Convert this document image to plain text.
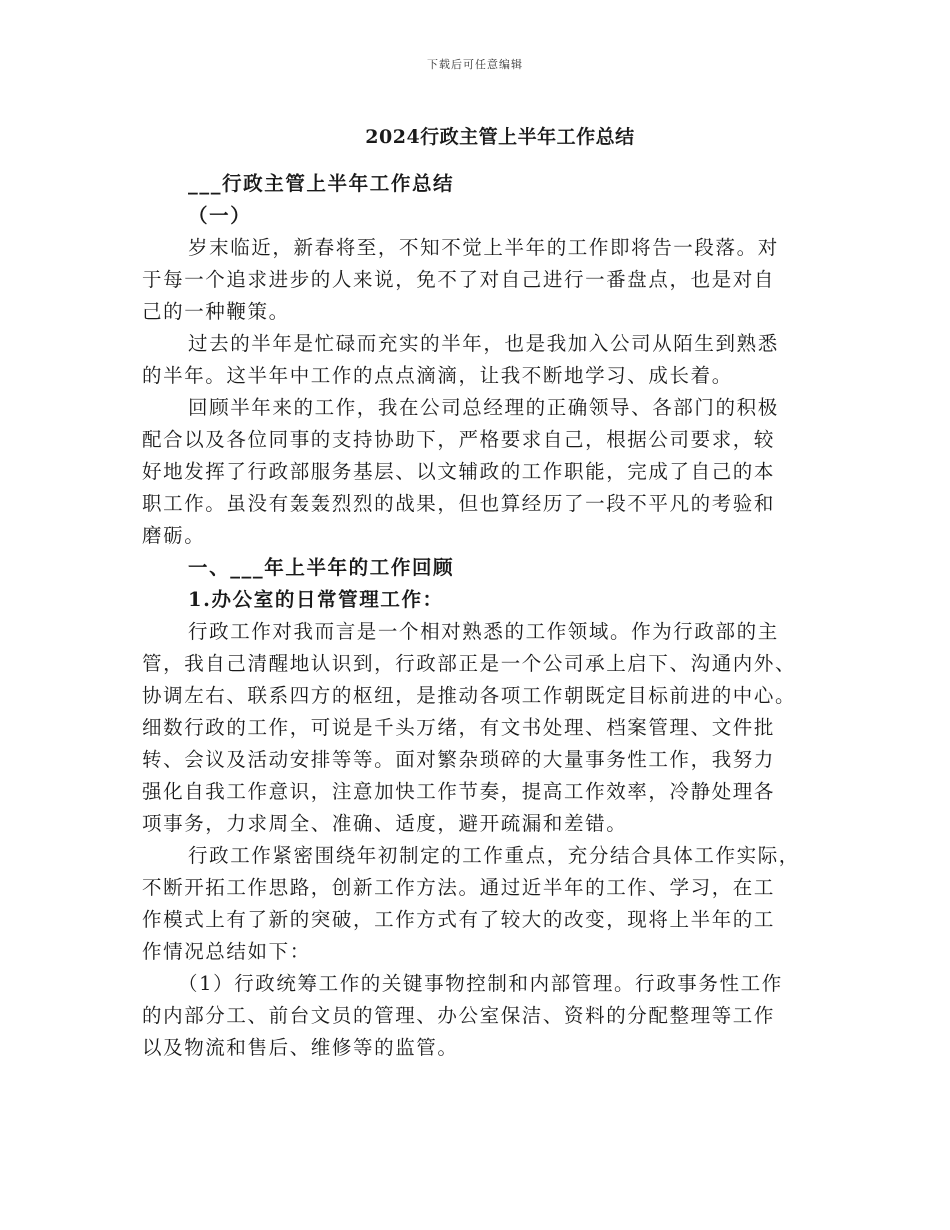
下载后可任意编辑
2024行政主管上半年工作总结

___行政主管上半年工作总结

（一）

岁末临近，新春将至，不知不觉上半年的工作即将告一段落。对

于每一个追求进步的人来说，免不了对自己进行一番盘点，也是对自

己的一种鞭策。

过去的半年是忙碌而充实的半年，也是我加入公司从陌生到熟悉

的半年。这半年中工作的点点滴滴，让我不断地学习、成长着。

回顾半年来的工作，我在公司总经理的正确领导、各部门的积极

配合以及各位同事的支持协助下，严格要求自己，根据公司要求，较

好地发挥了行政部服务基层、以文辅政的工作职能，完成了自己的本

职工作。虽没有轰轰烈烈的战果，但也算经历了一段不平凡的考验和

磨砺。

一、___年上半年的工作回顾

1.办公室的日常管理工作：

行政工作对我而言是一个相对熟悉的工作领域。作为行政部的主

管，我自己清醒地认识到，行政部正是一个公司承上启下、沟通内外、

协调左右、联系四方的枢纽，是推动各项工作朝既定目标前进的中心。

细数行政的工作，可说是千头万绪，有文书处理、档案管理、文件批

转、会议及活动安排等等。面对繁杂琐碎的大量事务性工作，我努力

强化自我工作意识，注意加快工作节奏，提高工作效率，冷静处理各

项事务，力求周全、准确、适度，避开疏漏和差错。

行政工作紧密围绕年初制定的工作重点，充分结合具体工作实际，

不断开拓工作思路，创新工作方法。通过近半年的工作、学习，在工

作模式上有了新的突破，工作方式有了较大的改变，现将上半年的工

作情况总结如下：

（1）行政统筹工作的关键事物控制和内部管理。行政事务性工作

的内部分工、前台文员的管理、办公室保洁、资料的分配整理等工作

以及物流和售后、维修等的监管。
